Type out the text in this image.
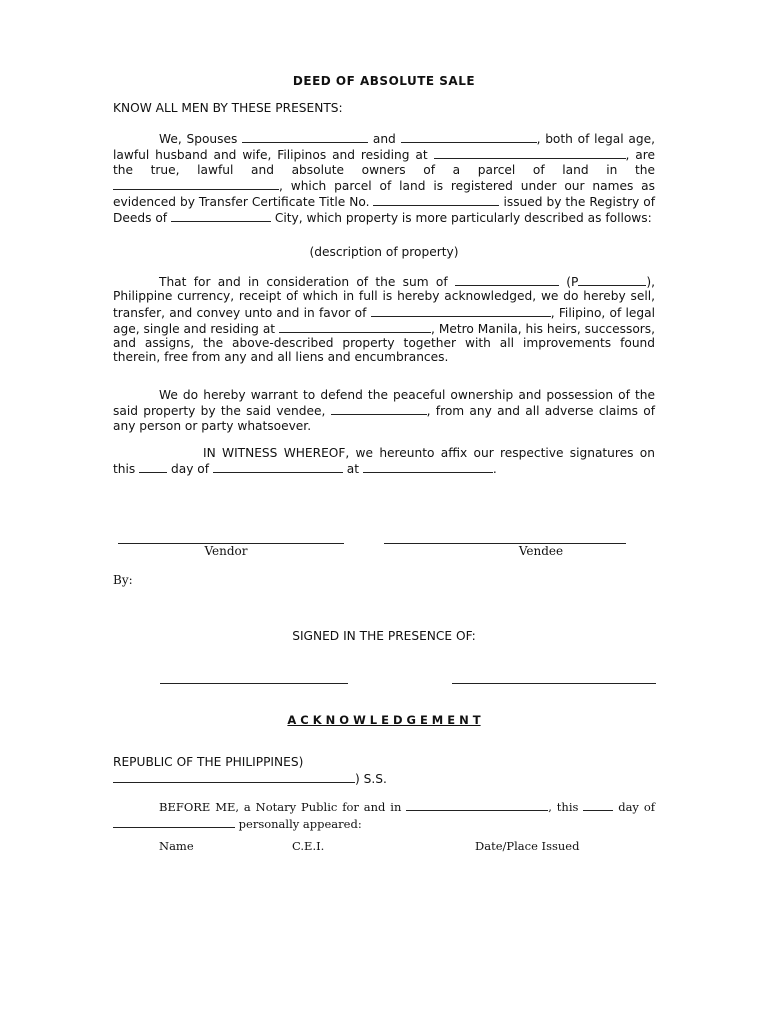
DEED OF ABSOLUTE SALE
KNOW ALL MEN BY THESE PRESENTS:
We, Spouses	and	, both of legal age, lawful husband and wife, Filipinos and residing at	, are the true, lawful and absolute owners of a parcel of land in the , which parcel of land is registered under our names as evidenced by Transfer Certificate Title No.	issued by the Registry of Deeds of	City, which property is more particularly described as follows:
(description of property)
That for and in consideration of the sum of	(P	), Philippine currency, receipt of which in full is hereby acknowledged, we do hereby sell, transfer, and convey unto and in favor of	, Filipino, of legal age, single and residing at	, Metro Manila, his heirs, successors, and assigns, the above-described property together with all improvements found therein, free from any and all liens and encumbrances.
We do hereby warrant to defend the peaceful ownership and possession of the said property by the said vendee,	, from any and all adverse claims of any person or party whatsoever.
IN WITNESS WHEREOF, we hereunto affix our respective signatures on this	day of	at	.
Vendor	Vendee
By:
SIGNED IN THE PRESENCE OF:
A C K N O W L E D G E M E N T
REPUBLIC OF THE PHILIPPINES)
) S.S.
BEFORE ME, a Notary Public for and in	, this	day of  personally appeared:
Name	C.E.I.	Date/Place Issued
